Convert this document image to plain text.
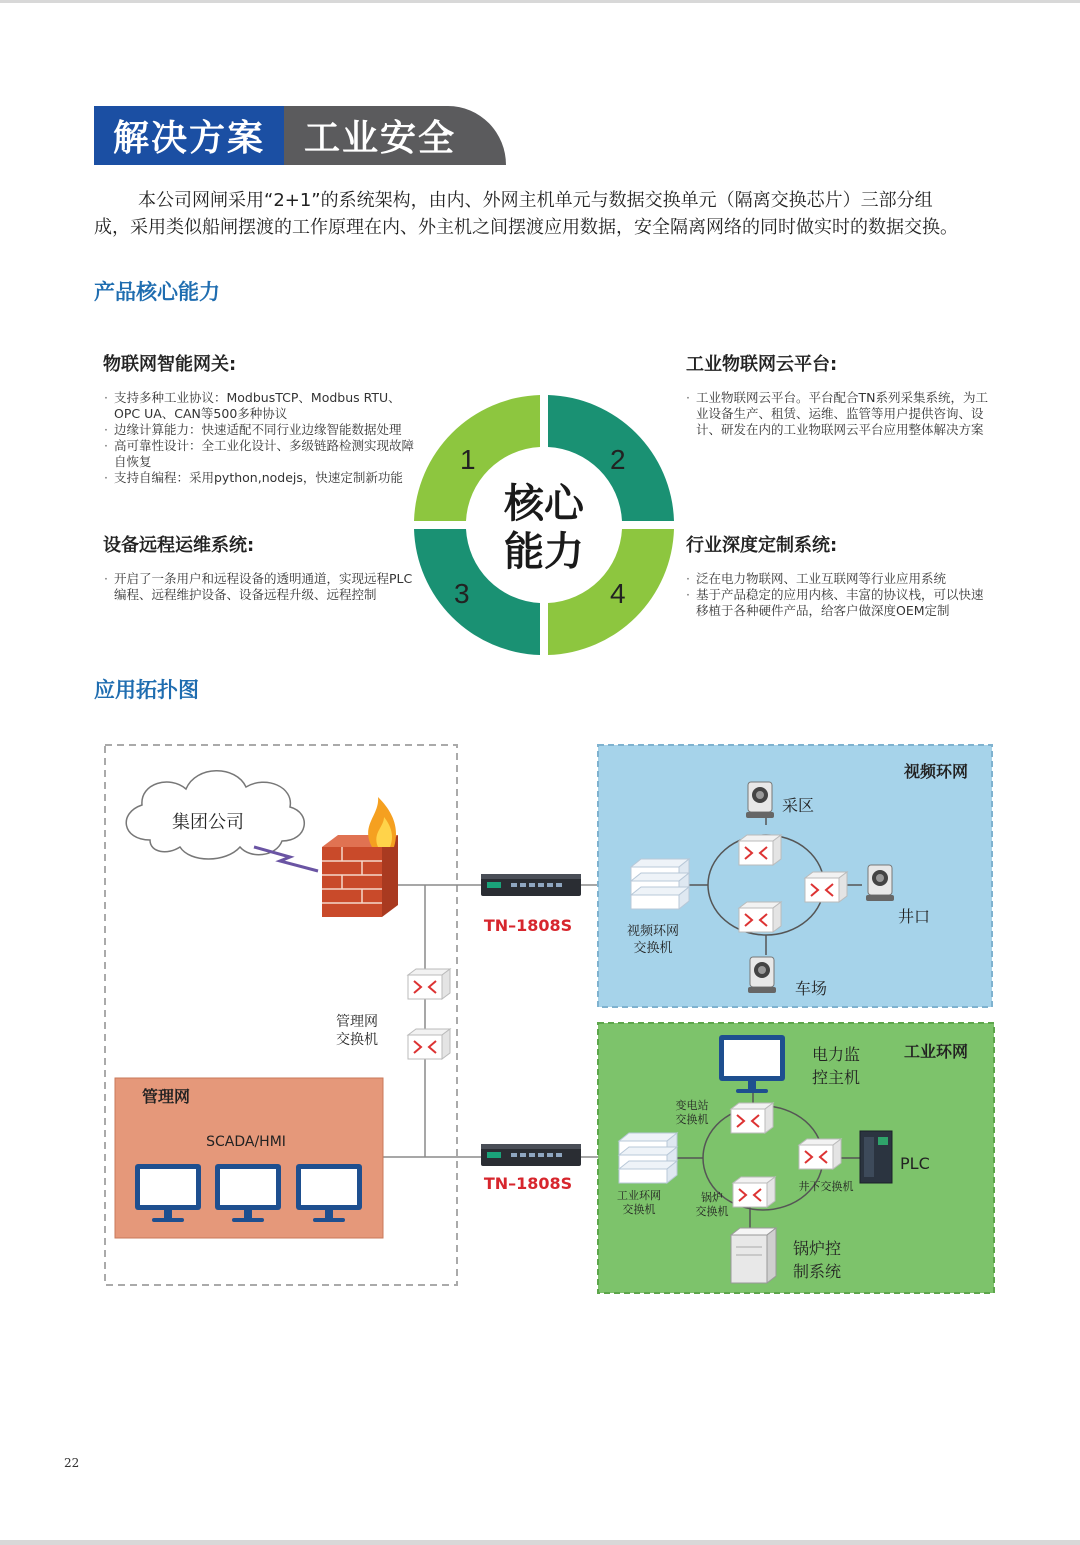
解决方案	工业安全
本公司网闸采用“2+1”的系统架构，由内、外网主机单元与数据交换单元（隔离交换芯片）三部分组
成，采用类似船闸摆渡的工作原理在内、外主机之间摆渡应用数据，安全隔离网络的同时做实时的数据交换。
产品核心能力
物联网智能网关:
· 支持多种工业协议：ModbusTCP、Modbus RTU、
OPC UA、CAN等500多种协议
· 边缘计算能力：快速适配不同行业边缘智能数据处理
· 高可靠性设计：全工业化设计、多级链路检测实现故障
自恢复
· 支持自编程：采用python,nodejs，快速定制新功能
工业物联网云平台:
· 工业物联网云平台。平台配合TN系列采集系统，为工
业设备生产、租赁、运维、监管等用户提供咨询、设
计、研发在内的工业物联网云平台应用整体解决方案
设备远程运维系统:
· 开启了一条用户和远程设备的透明通道，实现远程PLC
编程、远程维护设备、设备远程升级、远程控制
行业深度定制系统:
· 泛在电力物联网、工业互联网等行业应用系统
· 基于产品稳定的应用内核、丰富的协议栈，可以快速
移植于各种硬件产品，给客户做深度OEM定制
1	2
3	4
核心
能力
应用拓扑图
集团公司
管理网
交换机
管理网
SCADA/HMI
TN–1808S
TN–1808S
视频环网
视频环网
交换机
采区
井口
车场
工业环网
工业环网
交换机
电力监
控主机
变电站
交换机
井下交换机
锅炉
交换机
PLC
锅炉控
制系统
22
